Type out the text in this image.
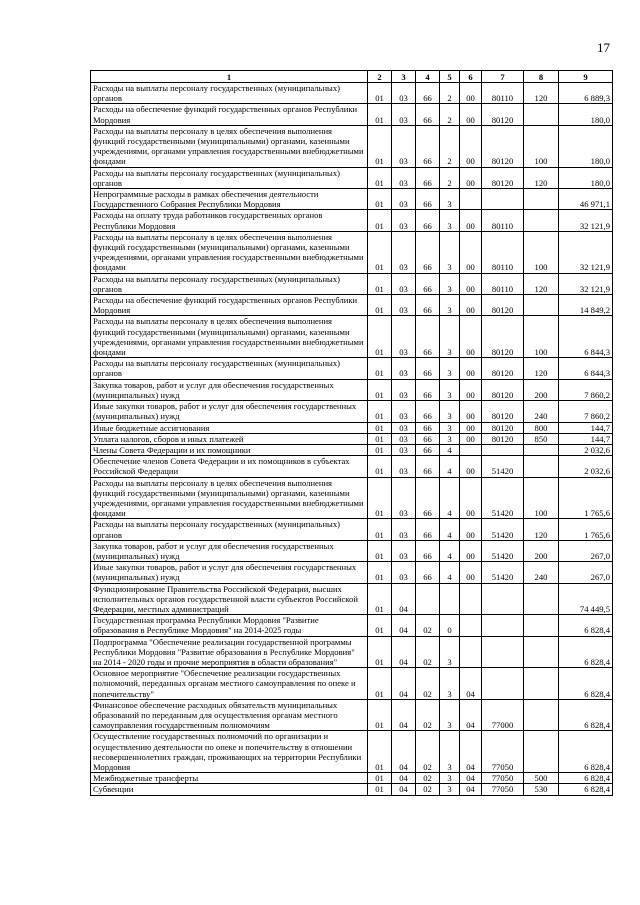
17
1	2	3	4	5	6	7	8	9
Расходы на выплаты персоналу государственных (муниципальных) органов	01	03	66	2	00	80110	120	6 889,3
Расходы на обеспечение функций государственных органов Республики Мордовия	01	03	66	2	00	80120		180,0
Расходы на выплаты персоналу в целях обеспечения выполнения функций государственными (муниципальными) органами, казенными учреждениями, органами управления государственными внебюджетными фондами	01	03	66	2	00	80120	100	180,0
Расходы на выплаты персоналу государственных (муниципальных) органов	01	03	66	2	00	80120	120	180,0
Непрограммные расходы в рамках обеспечения деятельности Государственного Собрания Республики Мордовия	01	03	66	3				46 971,1
Расходы на оплату труда работников государственных органов Республики Мордовия	01	03	66	3	00	80110		32 121,9
Расходы на выплаты персоналу в целях обеспечения выполнения функций государственными (муниципальными) органами, казенными учреждениями, органами управления государственными внебюджетными фондами	01	03	66	3	00	80110	100	32 121,9
Расходы на выплаты персоналу государственных (муниципальных) органов	01	03	66	3	00	80110	120	32 121,9
Расходы на обеспечение функций государственных органов Республики Мордовия	01	03	66	3	00	80120		14 849,2
Расходы на выплаты персоналу в целях обеспечения выполнения функций государственными (муниципальными) органами, казенными учреждениями, органами управления государственными внебюджетными фондами	01	03	66	3	00	80120	100	6 844,3
Расходы на выплаты персоналу государственных (муниципальных) органов	01	03	66	3	00	80120	120	6 844,3
Закупка товаров, работ и услуг для обеспечения государственных (муниципальных) нужд	01	03	66	3	00	80120	200	7 860,2
Иные закупки товаров, работ и услуг для обеспечения государственных (муниципальных) нужд	01	03	66	3	00	80120	240	7 860,2
Иные бюджетные ассигнования	01	03	66	3	00	80120	800	144,7
Уплата налогов, сборов и иных платежей	01	03	66	3	00	80120	850	144,7
Члены Совета Федерации и их помощники	01	03	66	4				2 032,6
Обеспечение членов Совета Федерации и их помощников в субъектах Российской Федерации	01	03	66	4	00	51420		2 032,6
Расходы на выплаты персоналу в целях обеспечения выполнения функций государственными (муниципальными) органами, казенными учреждениями, органами управления государственными внебюджетными фондами	01	03	66	4	00	51420	100	1 765,6
Расходы на выплаты персоналу государственных (муниципальных) органов	01	03	66	4	00	51420	120	1 765,6
Закупка товаров, работ и услуг для обеспечения государственных (муниципальных) нужд	01	03	66	4	00	51420	200	267,0
Иные закупки товаров, работ и услуг для обеспечения государственных (муниципальных) нужд	01	03	66	4	00	51420	240	267,0
Функционирование Правительства Российской Федерации, высших исполнительных органов государственной власти субъектов Российской Федерации, местных администраций	01	04						74 449,5
Государственная программа Республики Мордовия "Развитие образования в Республике Мордовия" на 2014-2025 годы	01	04	02	0				6 828,4
Подпрограмма "Обеспечение реализации государственной программы Республики Мордовия "Развитие образования в Республике Мордовия" на 2014 - 2020 годы и прочие мероприятия в области образования"	01	04	02	3				6 828,4
Основное мероприятие "Обеспечение реализации государственных полномочий, переданных органам местного самоуправления по опеке и попечительству"	01	04	02	3	04			6 828,4
Финансовое обеспечение расходных обязательств муниципальных образований по переданным для осуществления органам местного самоуправления государственным полномочиям	01	04	02	3	04	77000		6 828,4
Осуществление государственных полномочий по организации и осуществлению деятельности по опеке и попечительству в отношении несовершеннолетних граждан, проживающих на территории Республики Мордовия	01	04	02	3	04	77050		6 828,4
Межбюджетные трансферты	01	04	02	3	04	77050	500	6 828,4
Субвенции	01	04	02	3	04	77050	530	6 828,4
